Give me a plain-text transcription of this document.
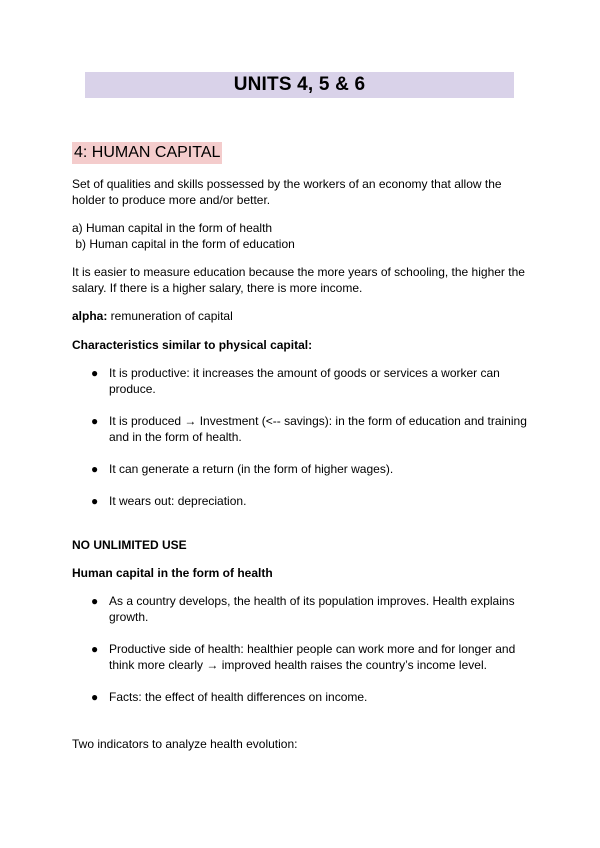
UNITS 4, 5 & 6
4: HUMAN CAPITAL

Set of qualities and skills possessed by the workers of an economy that allow the holder to produce more and/or better.

a) Human capital in the form of health

b) Human capital in the form of education

It is easier to measure education because the more years of schooling, the higher the salary. If there is a higher salary, there is more income.

alpha: remuneration of capital

Characteristics similar to physical capital:

● It is productive: it increases the amount of goods or services a worker can produce.
● It is produced → Investment (<-- savings): in the form of education and training and in the form of health.
● It can generate a return (in the form of higher wages).
● It wears out: depreciation.

NO UNLIMITED USE

Human capital in the form of health

● As a country develops, the health of its population improves. Health explains growth.
● Productive side of health: healthier people can work more and for longer and think more clearly → improved health raises the country’s income level.
● Facts: the effect of health differences on income.

Two indicators to analyze health evolution:
